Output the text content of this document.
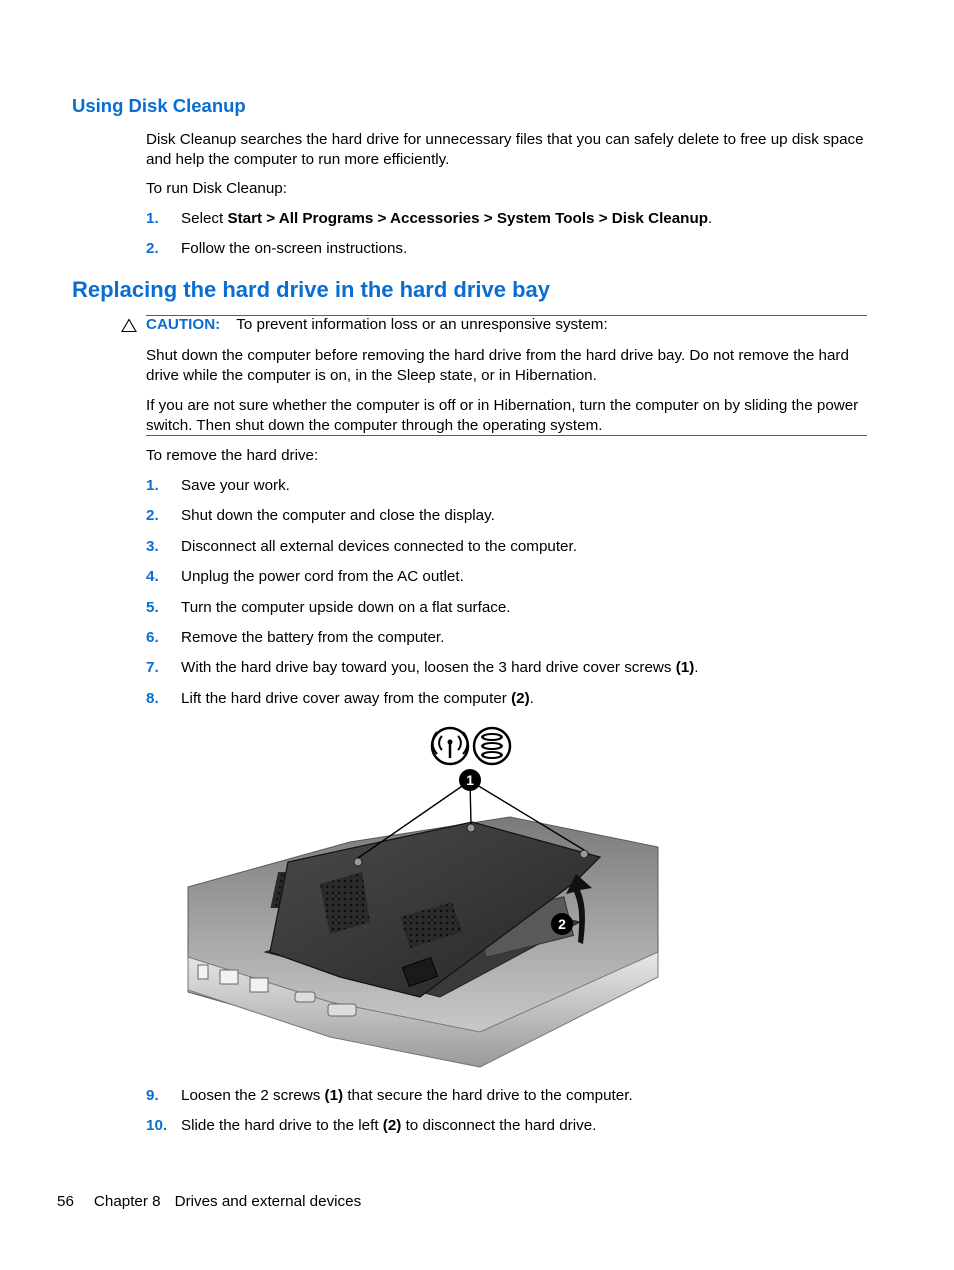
Using Disk Cleanup
Disk Cleanup searches the hard drive for unnecessary files that you can safely delete to free up disk space and help the computer to run more efficiently.
To run Disk Cleanup:
1. Select Start > All Programs > Accessories > System Tools > Disk Cleanup.
2. Follow the on-screen instructions.
Replacing the hard drive in the hard drive bay
CAUTION: To prevent information loss or an unresponsive system:
Shut down the computer before removing the hard drive from the hard drive bay. Do not remove the hard drive while the computer is on, in the Sleep state, or in Hibernation.
If you are not sure whether the computer is off or in Hibernation, turn the computer on by sliding the power switch. Then shut down the computer through the operating system.
To remove the hard drive:
1. Save your work.
2. Shut down the computer and close the display.
3. Disconnect all external devices connected to the computer.
4. Unplug the power cord from the AC outlet.
5. Turn the computer upside down on a flat surface.
6. Remove the battery from the computer.
7. With the hard drive bay toward you, loosen the 3 hard drive cover screws (1).
8. Lift the hard drive cover away from the computer (2).
1
2
9. Loosen the 2 screws (1) that secure the hard drive to the computer.
10. Slide the hard drive to the left (2) to disconnect the hard drive.
56 Chapter 8 Drives and external devices
